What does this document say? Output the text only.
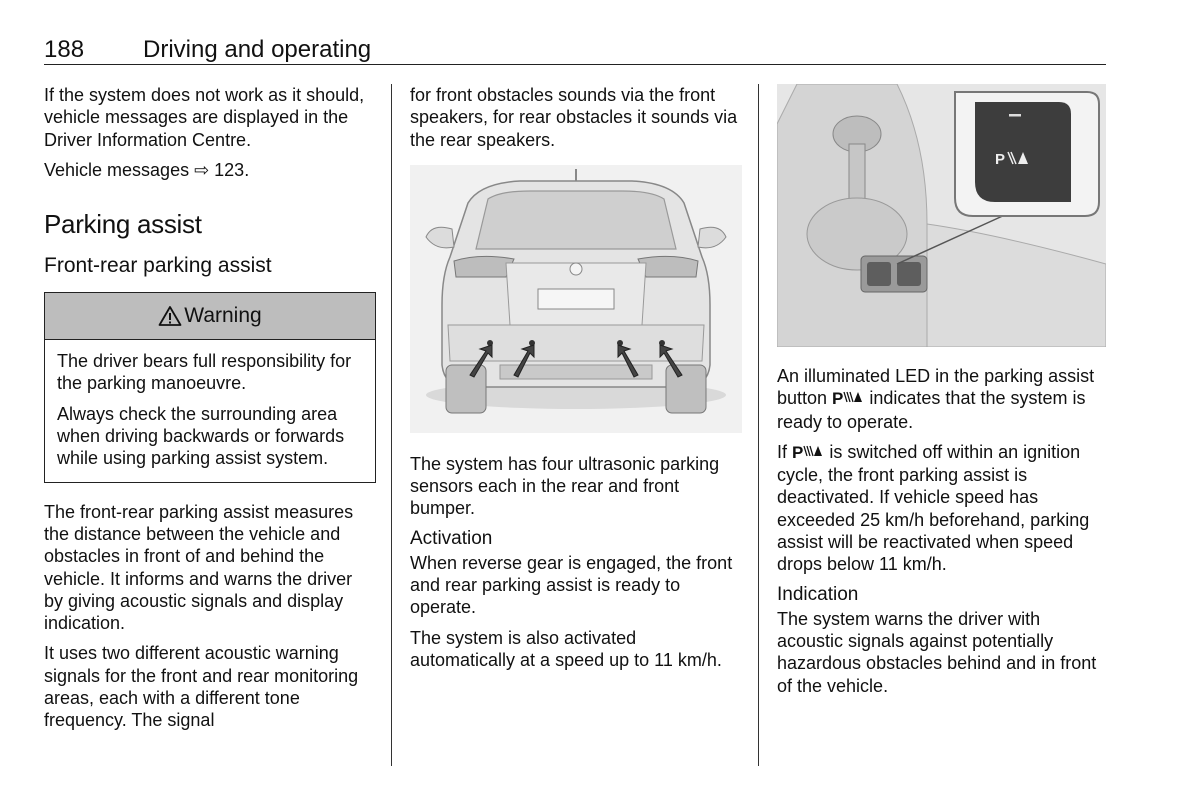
188 Driving and operating

If the system does not work as it should, vehicle messages are displayed in the Driver Information Centre.

Vehicle messages ⇨ 123.

Parking assist
Front-rear parking assist
Warning

The driver bears full responsibility for the parking manoeuvre.

Always check the surrounding area when driving backwards or forwards while using parking assist system.

The front-rear parking assist measures the distance between the vehicle and obstacles in front of and behind the vehicle. It informs and warns the driver by giving acoustic signals and display indication.

It uses two different acoustic warning signals for the front and rear monitoring areas, each with a different tone frequency. The signal

for front obstacles sounds via the front speakers, for rear obstacles it sounds via the rear speakers.

The system has four ultrasonic parking sensors each in the rear and front bumper.

Activation

When reverse gear is engaged, the front and rear parking assist is ready to operate.

The system is also activated automatically at a speed up to 11 km/h.

P

An illuminated LED in the parking assist button P indicates that the system is ready to operate.

If P is switched off within an ignition cycle, the front parking assist is deactivated. If vehicle speed has exceeded 25 km/h beforehand, parking assist will be reactivated when speed drops below 11 km/h.

Indication

The system warns the driver with acoustic signals against potentially hazardous obstacles behind and in front of the vehicle.
